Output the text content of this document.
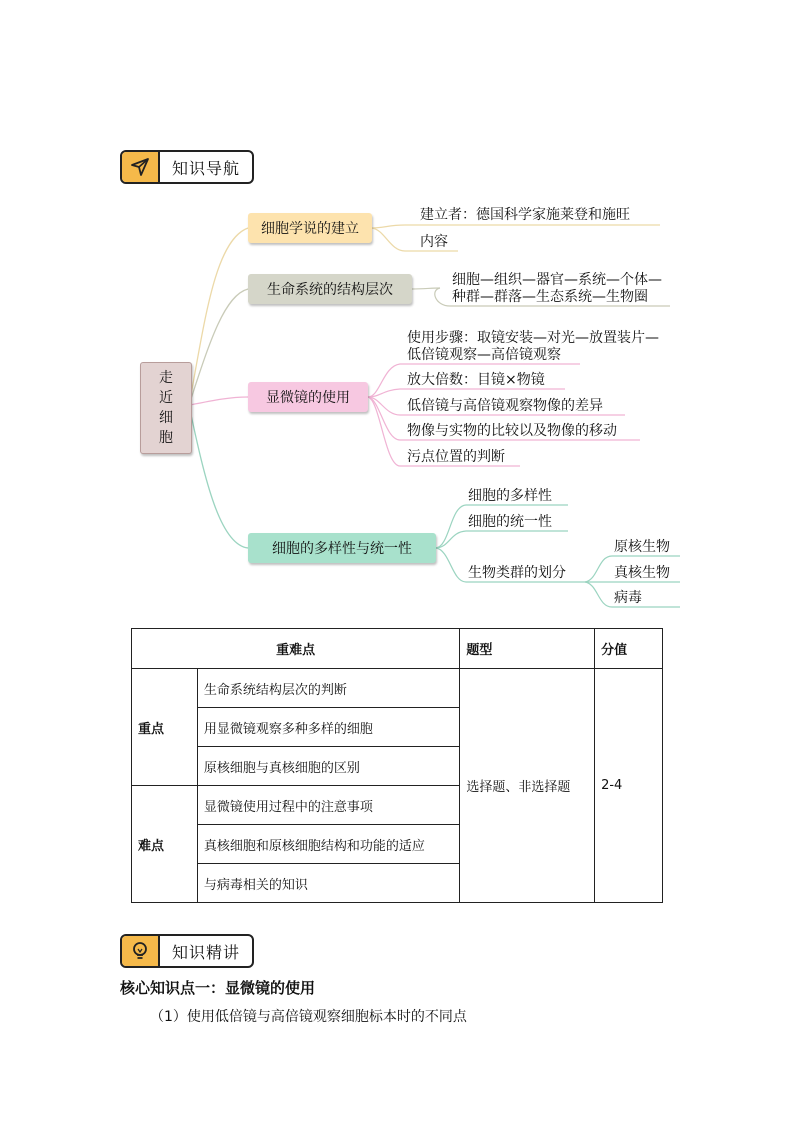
知识导航
走
近
细
胞
细胞学说的建立
生命系统的结构层次
显微镜的使用
细胞的多样性与统一性
建立者：德国科学家施莱登和施旺
内容
细胞—组织—器官—系统—个体—
种群—群落—生态系统—生物圈
使用步骤：取镜安装—对光—放置装片—
低倍镜观察—高倍镜观察
放大倍数：目镜×物镜
低倍镜与高倍镜观察物像的差异
物像与实物的比较以及物像的移动
污点位置的判断
细胞的多样性
细胞的统一性
生物类群的划分
原核生物
真核生物
病毒
重难点		题型	分值
重点	生命系统结构层次的判断	选择题、非选择题	2-4
	用显微镜观察多种多样的细胞		
	原核细胞与真核细胞的区别		
难点	显微镜使用过程中的注意事项		
	真核细胞和原核细胞结构和功能的适应		
	与病毒相关的知识		
知识精讲
核心知识点一：显微镜的使用
（1）使用低倍镜与高倍镜观察细胞标本时的不同点
